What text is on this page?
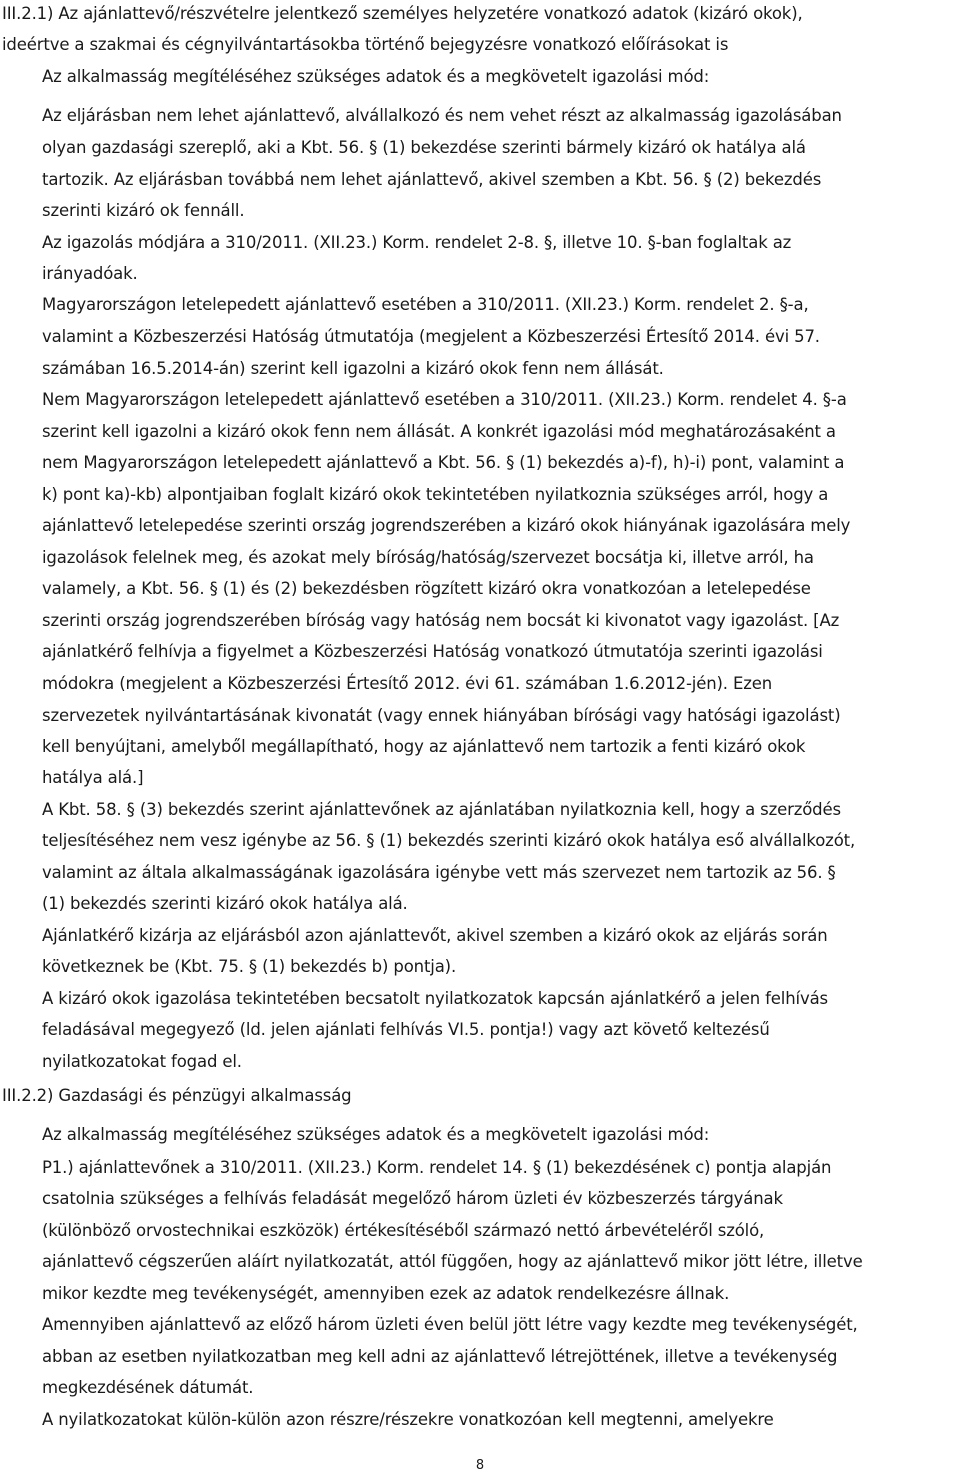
III.2.1) Az ajánlattevő/részvételre jelentkező személyes helyzetére vonatkozó adatok (kizáró okok),
ideértve a szakmai és cégnyilvántartásokba történő bejegyzésre vonatkozó előírásokat is
Az alkalmasság megítéléséhez szükséges adatok és a megkövetelt igazolási mód:
Az eljárásban nem lehet ajánlattevő, alvállalkozó és nem vehet részt az alkalmasság igazolásában
olyan gazdasági szereplő, aki a Kbt. 56. § (1) bekezdése szerinti bármely kizáró ok hatálya alá
tartozik. Az eljárásban továbbá nem lehet ajánlattevő, akivel szemben a Kbt. 56. § (2) bekezdés
szerinti kizáró ok fennáll.
Az igazolás módjára a 310/2011. (XII.23.) Korm. rendelet 2-8. §, illetve 10. §-ban foglaltak az
irányadóak.
Magyarországon letelepedett ajánlattevő esetében a 310/2011. (XII.23.) Korm. rendelet 2. §-a,
valamint a Közbeszerzési Hatóság útmutatója (megjelent a Közbeszerzési Értesítő 2014. évi 57.
számában 16.5.2014-án) szerint kell igazolni a kizáró okok fenn nem állását.
Nem Magyarországon letelepedett ajánlattevő esetében a 310/2011. (XII.23.) Korm. rendelet 4. §-a
szerint kell igazolni a kizáró okok fenn nem állását. A konkrét igazolási mód meghatározásaként a
nem Magyarországon letelepedett ajánlattevő a Kbt. 56. § (1) bekezdés a)-f), h)-i) pont, valamint a
k) pont ka)-kb) alpontjaiban foglalt kizáró okok tekintetében nyilatkoznia szükséges arról, hogy a
ajánlattevő letelepedése szerinti ország jogrendszerében a kizáró okok hiányának igazolására mely
igazolások felelnek meg, és azokat mely bíróság/hatóság/szervezet bocsátja ki, illetve arról, ha
valamely, a Kbt. 56. § (1) és (2) bekezdésben rögzített kizáró okra vonatkozóan a letelepedése
szerinti ország jogrendszerében bíróság vagy hatóság nem bocsát ki kivonatot vagy igazolást. [Az
ajánlatkérő felhívja a figyelmet a Közbeszerzési Hatóság vonatkozó útmutatója szerinti igazolási
módokra (megjelent a Közbeszerzési Értesítő 2012. évi 61. számában 1.6.2012-jén). Ezen
szervezetek nyilvántartásának kivonatát (vagy ennek hiányában bírósági vagy hatósági igazolást)
kell benyújtani, amelyből megállapítható, hogy az ajánlattevő nem tartozik a fenti kizáró okok
hatálya alá.]
A Kbt. 58. § (3) bekezdés szerint ajánlattevőnek az ajánlatában nyilatkoznia kell, hogy a szerződés
teljesítéséhez nem vesz igénybe az 56. § (1) bekezdés szerinti kizáró okok hatálya eső alvállalkozót,
valamint az általa alkalmasságának igazolására igénybe vett más szervezet nem tartozik az 56. §
(1) bekezdés szerinti kizáró okok hatálya alá.
Ajánlatkérő kizárja az eljárásból azon ajánlattevőt, akivel szemben a kizáró okok az eljárás során
következnek be (Kbt. 75. § (1) bekezdés b) pontja).
A kizáró okok igazolása tekintetében becsatolt nyilatkozatok kapcsán ajánlatkérő a jelen felhívás
feladásával megegyező (ld. jelen ajánlati felhívás VI.5. pontja!) vagy azt követő keltezésű
nyilatkozatokat fogad el.
III.2.2) Gazdasági és pénzügyi alkalmasság
Az alkalmasság megítéléséhez szükséges adatok és a megkövetelt igazolási mód:
P1.) ajánlattevőnek a 310/2011. (XII.23.) Korm. rendelet 14. § (1) bekezdésének c) pontja alapján
csatolnia szükséges a felhívás feladását megelőző három üzleti év közbeszerzés tárgyának
(különböző orvostechnikai eszközök) értékesítéséből származó nettó árbevételéről szóló,
ajánlattevő cégszerűen aláírt nyilatkozatát, attól függően, hogy az ajánlattevő mikor jött létre, illetve
mikor kezdte meg tevékenységét, amennyiben ezek az adatok rendelkezésre állnak.
Amennyiben ajánlattevő az előző három üzleti éven belül jött létre vagy kezdte meg tevékenységét,
abban az esetben nyilatkozatban meg kell adni az ajánlattevő létrejöttének, illetve a tevékenység
megkezdésének dátumát.
A nyilatkozatokat külön-külön azon részre/részekre vonatkozóan kell megtenni, amelyekre
8
